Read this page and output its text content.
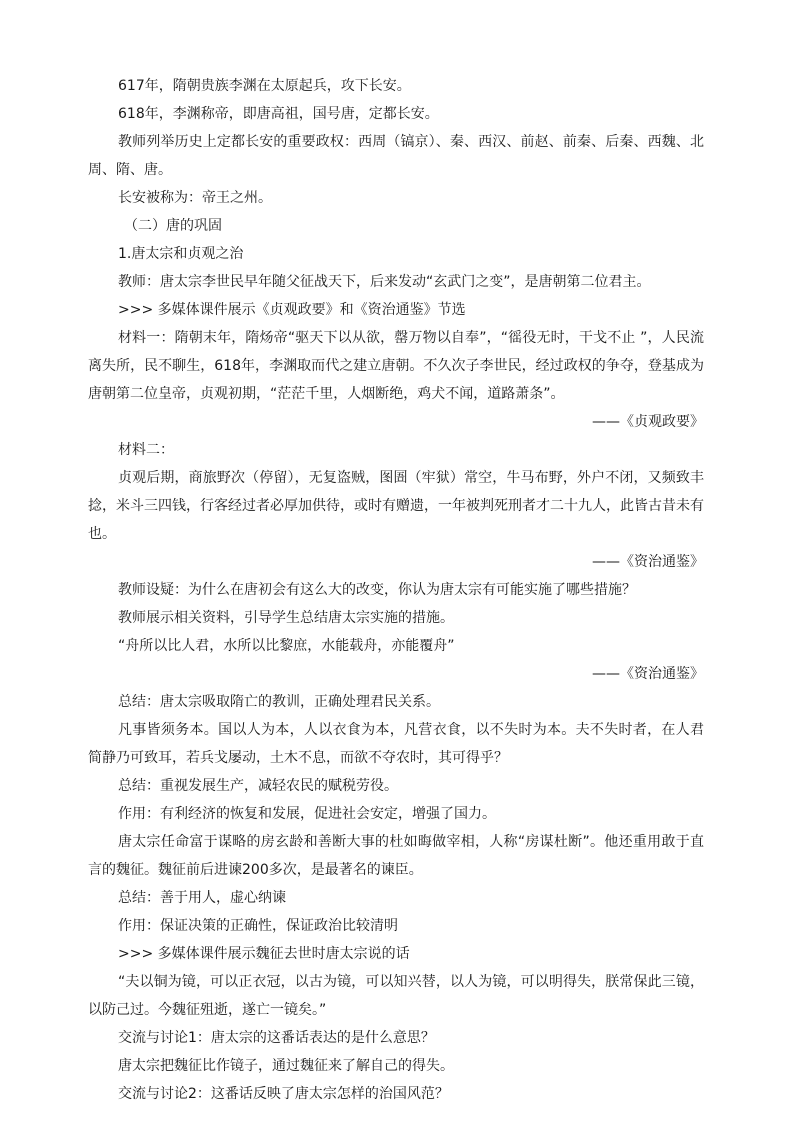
617年，隋朝贵族李渊在太原起兵，攻下长安。

618年，李渊称帝，即唐高祖，国号唐，定都长安。

教师列举历史上定都长安的重要政权：西周（镐京）、秦、西汉、前赵、前秦、后秦、西魏、北周、隋、唐。

长安被称为：帝王之州。

（二）唐的巩固

1.唐太宗和贞观之治

教师：唐太宗李世民早年随父征战天下，后来发动“玄武门之变”，是唐朝第二位君主。

>>> 多媒体课件展示《贞观政要》和《资治通鉴》节选

材料一：隋朝末年，隋炀帝“驱天下以从欲，罄万物以自奉”，“徭役无时，干戈不止 ”，人民流离失所，民不聊生，618年，李渊取而代之建立唐朝。不久次子李世民，经过政权的争夺，登基成为唐朝第二位皇帝，贞观初期，“茫茫千里，人烟断绝，鸡犬不闻，道路萧条”。

——《贞观政要》

材料二：

贞观后期，商旅野次（停留），无复盗贼，图圄（牢狱）常空，牛马布野，外户不闭，又频致丰捻，米斗三四钱，行客经过者必厚加供待，或时有赠遗，一年被判死刑者才二十九人，此皆古昔未有也。

——《资治通鉴》

教师设疑：为什么在唐初会有这么大的改变，你认为唐太宗有可能实施了哪些措施？

教师展示相关资料，引导学生总结唐太宗实施的措施。

“舟所以比人君，水所以比黎庶，水能载舟，亦能覆舟”

——《资治通鉴》

总结：唐太宗吸取隋亡的教训，正确处理君民关系。

凡事皆须务本。国以人为本，人以衣食为本，凡营衣食，以不失时为本。夫不失时者，在人君简静乃可致耳，若兵戈屡动，土木不息，而欲不夺农时，其可得乎？

总结：重视发展生产，减轻农民的赋税劳役。

作用：有利经济的恢复和发展，促进社会安定，增强了国力。

唐太宗任命富于谋略的房玄龄和善断大事的杜如晦做宰相，人称“房谋杜断”。他还重用敢于直言的魏征。魏征前后进谏200多次，是最著名的谏臣。

总结：善于用人，虚心纳谏

作用：保证决策的正确性，保证政治比较清明

>>> 多媒体课件展示魏征去世时唐太宗说的话

“夫以铜为镜，可以正衣冠，以古为镜，可以知兴替，以人为镜，可以明得失，朕常保此三镜，以防己过。今魏征殂逝，遂亡一镜矣。”

交流与讨论1：唐太宗的这番话表达的是什么意思？

唐太宗把魏征比作镜子，通过魏征来了解自己的得失。

交流与讨论2：这番话反映了唐太宗怎样的治国风范？
